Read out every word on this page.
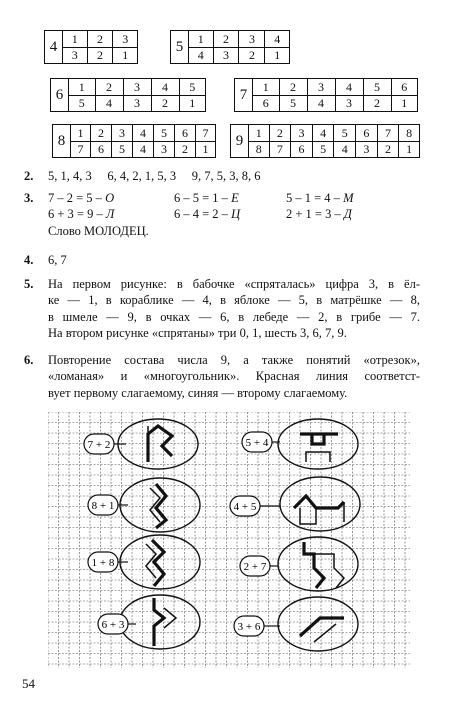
4	1	2	3
3	2	1
5	1	2	3	4
4	3	2	1
6	1	2	3	4	5
5	4	3	2	1
7	1	2	3	4	5	6
6	5	4	3	2	1
8	1	2	3	4	5	6	7
7	6	5	4	3	2	1
9	1	2	3	4	5	6	7	8
8	7	6	5	4	3	2	1
2. 5, 1, 4, 3     6, 4, 2, 1, 5, 3     9, 7, 5, 3, 8, 6
3. 7 – 2 = 5 – О	6 – 5 = 1 – Е	5 – 1 = 4 – М
6 + 3 = 9 – Л	6 – 4 = 2 – Ц	2 + 1 = 3 – Д
Слово МОЛОДЕЦ.
4. 6, 7
5. На первом рисунке: в бабочке «спряталась» цифра 3, в ёл-
ке — 1, в кораблике — 4, в яблоке — 5, в матрёшке — 8,
в шмеле — 9, в очках — 6, в лебеде — 2, в грибе — 7.
На втором рисунке «спрятаны» три 0, 1, шесть 3, 6, 7, 9.
6. Повторение состава числа 9, а также понятий «отрезок»,
«ломаная» и «многоугольник». Красная линия соответст-
вует первому слагаемому, синяя — второму слагаемому.
7 + 2
8 + 1
1 + 8
6 + 3
5 + 4
4 + 5
2 + 7
3 + 6
54
